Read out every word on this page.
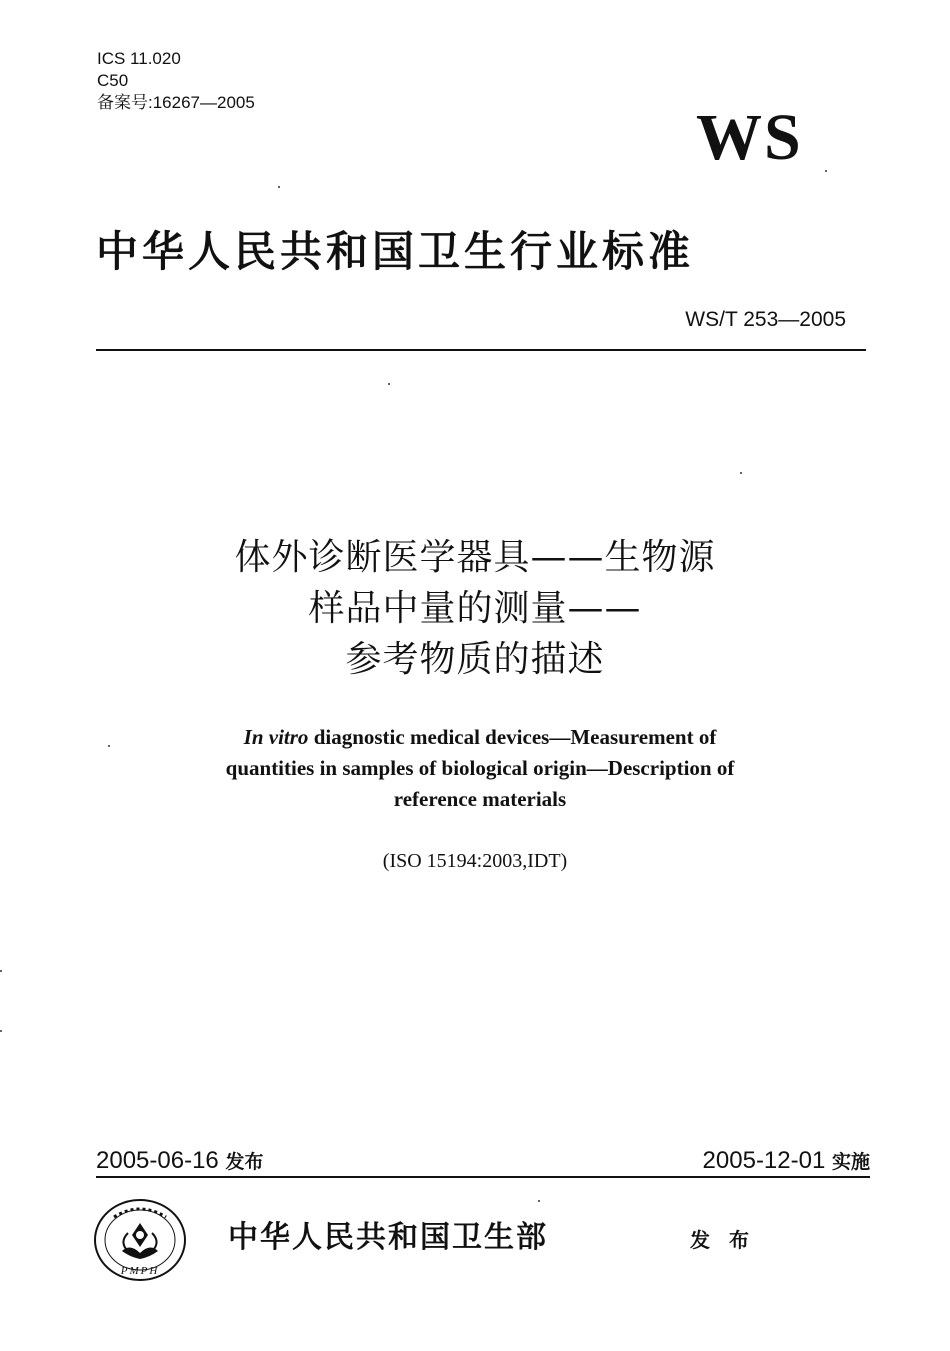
ICS 11.020
C50
备案号:16267—2005	WS
中华人民共和国卫生行业标准
WS/T 253—2005
体外诊断医学器具——生物源
样品中量的测量——
参考物质的描述
In vitro diagnostic medical devices—Measurement of
quantities in samples of biological origin—Description of
reference materials
(ISO 15194:2003,IDT)
2005-06-16 发布	2005-12-01 实施
PMPH
中华人民共和国卫生部	发 布
